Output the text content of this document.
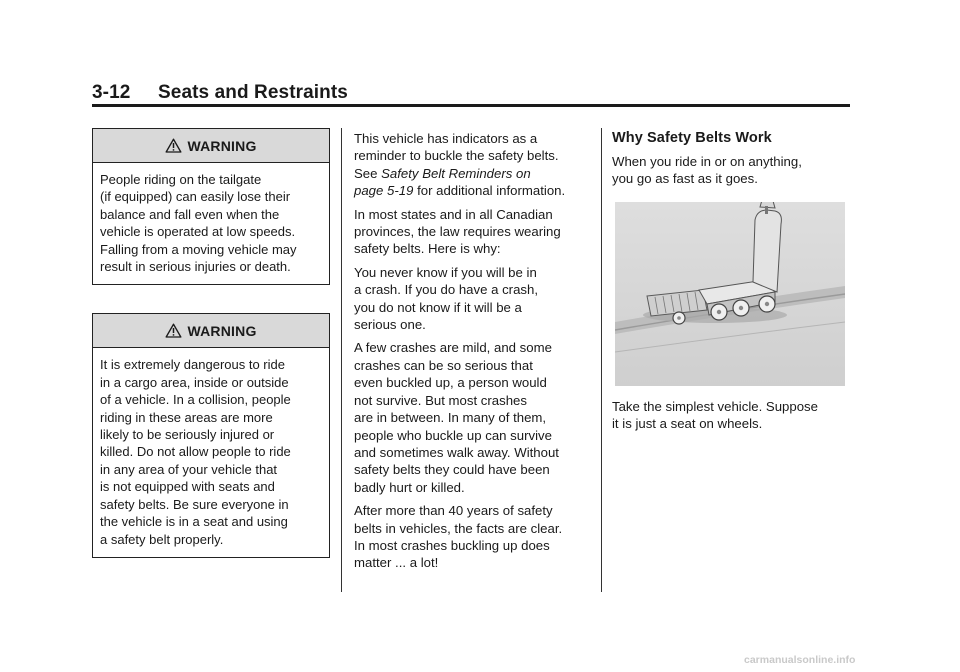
3-12	Seats and Restraints
WARNING
People riding on the tailgate
(if equipped) can easily lose their
balance and fall even when the
vehicle is operated at low speeds.
Falling from a moving vehicle may
result in serious injuries or death.
WARNING
It is extremely dangerous to ride
in a cargo area, inside or outside
of a vehicle. In a collision, people
riding in these areas are more
likely to be seriously injured or
killed. Do not allow people to ride
in any area of your vehicle that
is not equipped with seats and
safety belts. Be sure everyone in
the vehicle is in a seat and using
a safety belt properly.

This vehicle has indicators as a
reminder to buckle the safety belts.
See Safety Belt Reminders on
page 5-19 for additional information.

In most states and in all Canadian
provinces, the law requires wearing
safety belts. Here is why:

You never know if you will be in
a crash. If you do have a crash,
you do not know if it will be a
serious one.

A few crashes are mild, and some
crashes can be so serious that
even buckled up, a person would
not survive. But most crashes
are in between. In many of them,
people who buckle up can survive
and sometimes walk away. Without
safety belts they could have been
badly hurt or killed.

After more than 40 years of safety
belts in vehicles, the facts are clear.
In most crashes buckling up does
matter ... a lot!

Why Safety Belts Work

When you ride in or on anything,
you go as fast as it goes.

Take the simplest vehicle. Suppose
it is just a seat on wheels.

carmanualsonline.info
